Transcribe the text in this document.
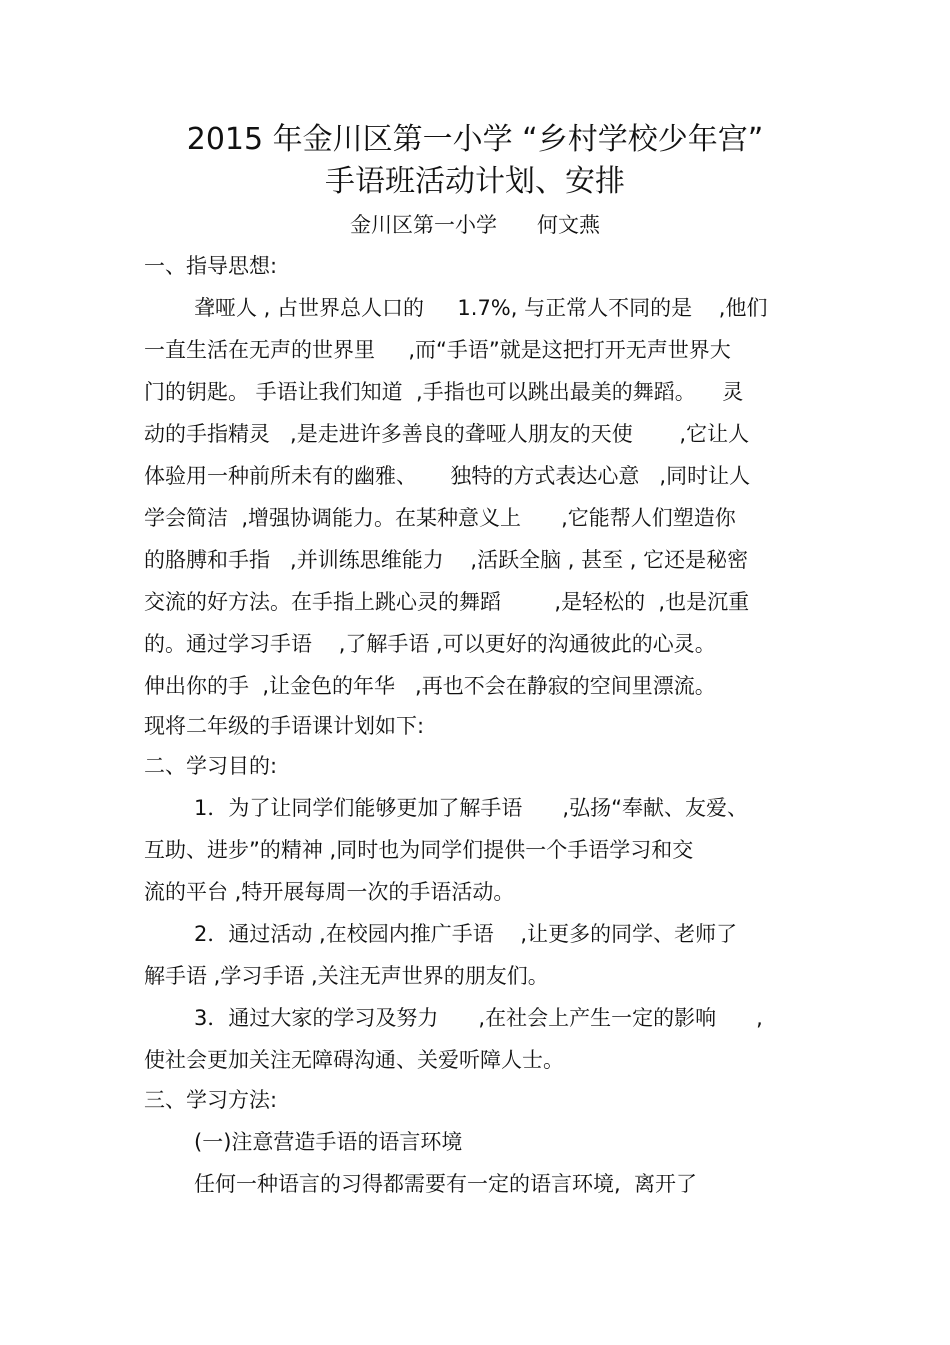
2015 年金川区第一小学 “乡村学校少年宫”
手语班活动计划、安排
金川区第一小学      何文燕
一、指导思想:
聋哑人 , 占世界总人口的     1.7%, 与正常人不同的是    ,他们
一直生活在无声的世界里     ,而“手语”就是这把打开无声世界大
门的钥匙。 手语让我们知道  ,手指也可以跳出最美的舞蹈。    灵
动的手指精灵   ,是走进许多善良的聋哑人朋友的天使       ,它让人
体验用一种前所未有的幽雅、     独特的方式表达心意   ,同时让人
学会简洁  ,增强协调能力。在某种意义上      ,它能帮人们塑造你
的胳膊和手指   ,并训练思维能力    ,活跃全脑 , 甚至 , 它还是秘密
交流的好方法。在手指上跳心灵的舞蹈        ,是轻松的  ,也是沉重
的。通过学习手语    ,了解手语 ,可以更好的沟通彼此的心灵。
伸出你的手  ,让金色的年华   ,再也不会在静寂的空间里漂流。
现将二年级的手语课计划如下:
二、学习目的:
1．为了让同学们能够更加了解手语      ,弘扬“奉献、友爱、
互助、进步”的精神 ,同时也为同学们提供一个手语学习和交
流的平台 ,特开展每周一次的手语活动。
2．通过活动 ,在校园内推广手语    ,让更多的同学、老师了
解手语 ,学习手语 ,关注无声世界的朋友们。
3．通过大家的学习及努力      ,在社会上产生一定的影响      ,
使社会更加关注无障碍沟通、关爱听障人士。
三、学习方法:
(一)注意营造手语的语言环境
任何一种语言的习得都需要有一定的语言环境,  离开了
